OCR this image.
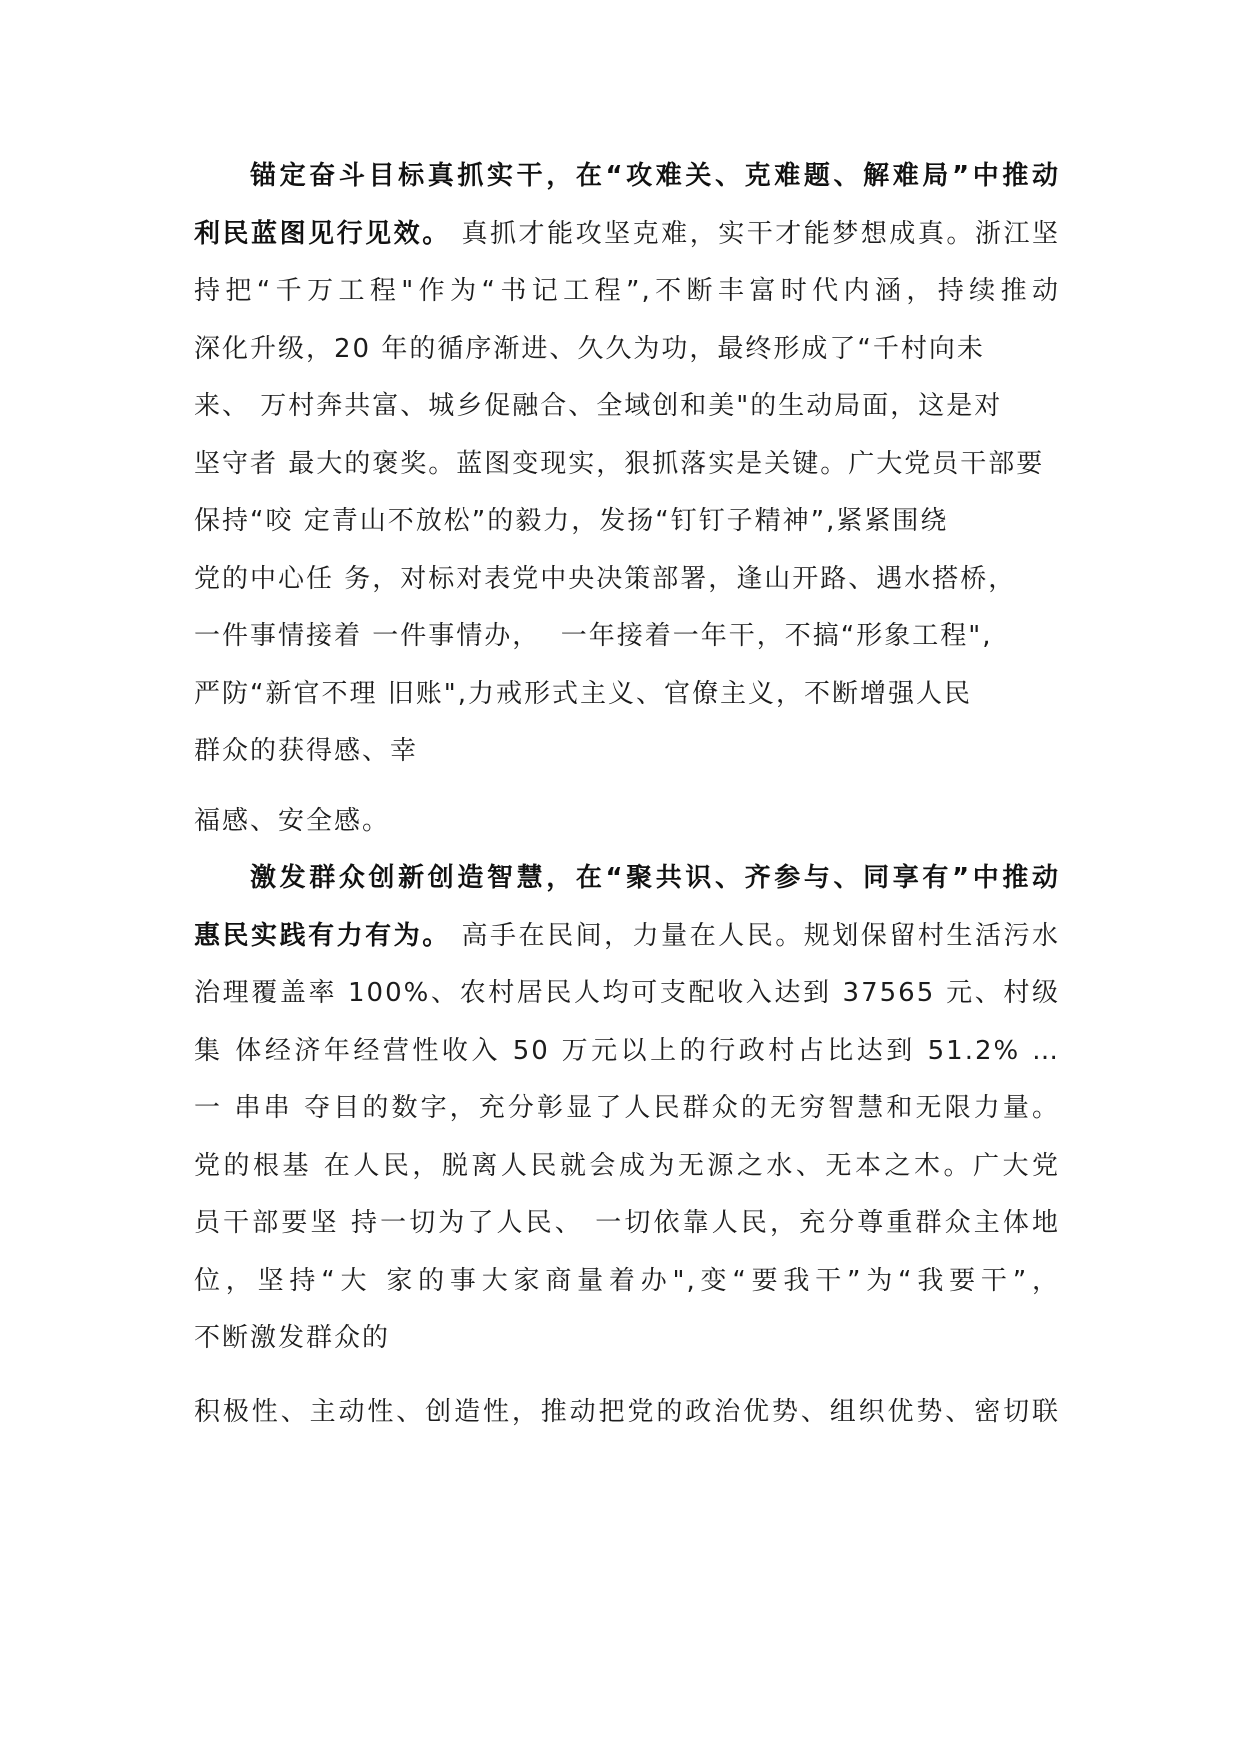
锚定奋斗目标真抓实干，在“攻难关、克难题、解难局”中推动

利民蓝图见行见效。 真抓才能攻坚克难，实干才能梦想成真。浙江坚

持把“千万工程"作为“书记工程”,不断丰富时代内涵，持续推动

深化升级，20 年的循序渐进、久久为功，最终形成了“千村向未

来、 万村奔共富、城乡促融合、全域创和美"的生动局面，这是对

坚守者 最大的褒奖。蓝图变现实，狠抓落实是关键。广大党员干部要

保持“咬 定青山不放松”的毅力，发扬“钉钉子精神”,紧紧围绕

党的中心任 务，对标对表党中央决策部署，逢山开路、遇水搭桥，

一件事情接着 一件事情办，  一年接着一年干，不搞“形象工程",

严防“新官不理 旧账",力戒形式主义、官僚主义，不断增强人民

群众的获得感、幸

福感、安全感。

激发群众创新创造智慧，在“聚共识、齐参与、同享有”中推动

惠民实践有力有为。 高手在民间，力量在人民。规划保留村生活污水

治理覆盖率 100%、农村居民人均可支配收入达到 37565 元、村级

集 体经济年经营性收入 50 万元以上的行政村占比达到 51.2% …

一 串串 夺目的数字，充分彰显了人民群众的无穷智慧和无限力量。

党的根基 在人民，脱离人民就会成为无源之水、无本之木。广大党

员干部要坚 持一切为了人民、 一切依靠人民，充分尊重群众主体地

位，坚持“大 家的事大家商量着办",变“要我干”为“我要干”，

不断激发群众的

积极性、主动性、创造性，推动把党的政治优势、组织优势、密切联
